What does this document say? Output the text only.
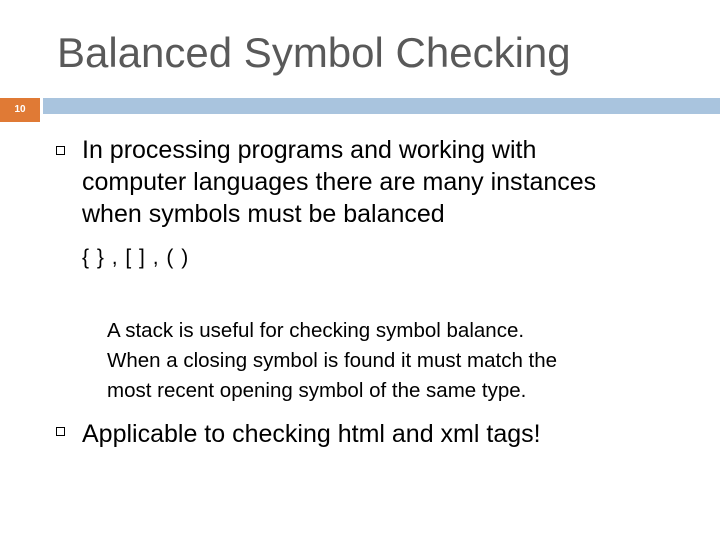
Balanced Symbol Checking
10
In processing programs and working with
computer languages there are many instances
when symbols must be balanced
{ } , [ ] , ( )
A stack is useful for checking symbol balance.
When a closing symbol is found it must match the
most recent opening symbol of the same type.
Applicable to checking html and xml tags!
